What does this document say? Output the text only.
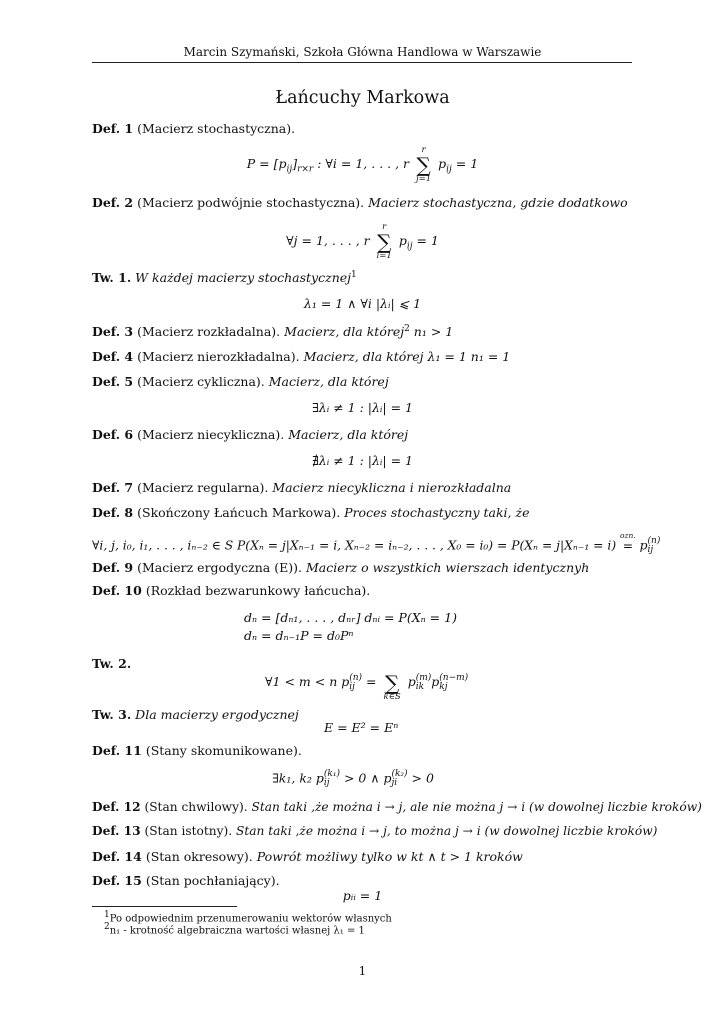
Marcin Szymański, Szkoła Główna Handlowa w Warszawie
Łańcuchy Markowa
Def. 1 (Macierz stochastyczna).
$P = [p_{ij}]_{r\times r}$ : ∀i = 1, . . . , r
r
∑
j=1
$p_{ij} = 1$
Def. 2 (Macierz podwójnie stochastyczna). Macierz stochastyczna, gdzie dodatkowo
∀j = 1, . . . , r
r
∑
i=1
$p_{ij} = 1$
Tw. 1. W każdej macierzy stochastycznej$^1$
λ₁ = 1 ∧ ∀i |λᵢ| ⩽ 1
Def. 3 (Macierz rozkładalna). Macierz, dla której$^2$ n₁ > 1
Def. 4 (Macierz nierozkładalna). Macierz, dla której λ₁ = 1 n₁ = 1
Def. 5 (Macierz cykliczna). Macierz, dla której
∃λᵢ ≠ 1 : |λᵢ| = 1
Def. 6 (Macierz niecykliczna). Macierz, dla której
∄λᵢ ≠ 1 : |λᵢ| = 1
Def. 7 (Macierz regularna). Macierz niecykliczna i nierozkładalna
Def. 8 (Skończony Łańcuch Markowa). Proces stochastyczny taki, że
∀i, j, i₀, i₁, . . . , iₙ₋₂ ∈ S P(Xₙ = j|Xₙ₋₁ = i, Xₙ₋₂ = iₙ₋₂, . . . , X₀ = i₀) = P(Xₙ = j|Xₙ₋₁ = i)
ozn.
= p (n)
ij
Def. 9 (Macierz ergodyczna (E)). Macierz o wszystkich wierszach identycznyh
Def. 10 (Rozkład bezwarunkowy łańcucha).
dₙ = [dₙ₁, . . . , dₙᵣ] dₙᵢ = P(Xₙ = 1)
dₙ = dₙ₋₁P = d₀Pⁿ
Tw. 2.
∀1 < m < n p (n)
ij =
∑
k∈S
p (m)
ik p (n−m)
kj
Tw. 3. Dla macierzy ergodycznej
E = E² = Eⁿ
Def. 11 (Stany skomunikowane).
∃k₁, k₂ p (k₁)
ij > 0 ∧ p (k₂)
ji > 0
Def. 12 (Stan chwilowy). Stan taki ,że można i → j, ale nie można j → i (w dowolnej liczbie kroków)
Def. 13 (Stan istotny). Stan taki ,że można i → j, to można j → i (w dowolnej liczbie kroków)
Def. 14 (Stan okresowy). Powrót możliwy tylko w kt ∧ t > 1 kroków
Def. 15 (Stan pochłaniający).
pᵢᵢ = 1
$^1$Po odpowiednim przenumerowaniu wektorów własnych
$^2$n₁ - krotność algebraiczna wartości własnej λ₁ = 1
1
